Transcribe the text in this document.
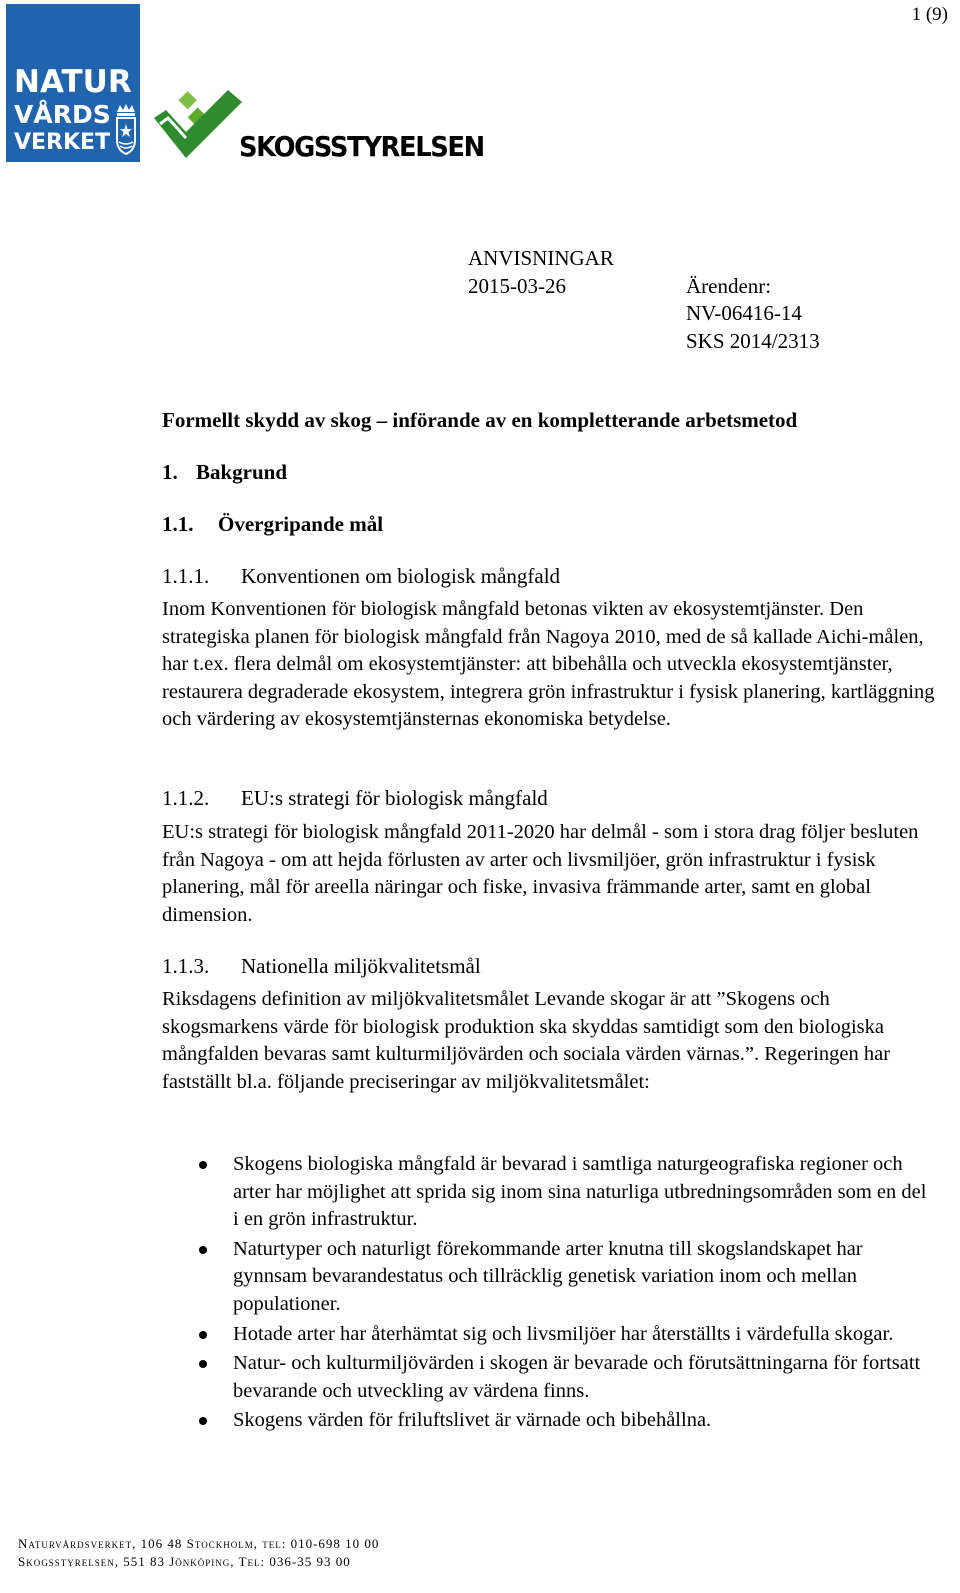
1 (9)
NATUR
VÅRDS
VERKET	SKOGSSTYRELSEN
ANVISNINGAR
2015-03-26	Ärendenr:
NV-06416-14
SKS 2014/2313
Formellt skydd av skog – införande av en kompletterande arbetsmetod
1. Bakgrund
1.1. Övergripande mål
1.1.1. Konventionen om biologisk mångfald
Inom Konventionen för biologisk mångfald betonas vikten av ekosystemtjänster. Den strategiska planen för biologisk mångfald från Nagoya 2010, med de så kallade Aichi-målen, har t.ex. flera delmål om ekosystemtjänster: att bibehålla och utveckla ekosystemtjänster, restaurera degraderade ekosystem, integrera grön infrastruktur i fysisk planering, kartläggning och värdering av ekosystemtjänsternas ekonomiska betydelse.
1.1.2. EU:s strategi för biologisk mångfald
EU:s strategi för biologisk mångfald 2011-2020 har delmål - som i stora drag följer besluten från Nagoya - om att hejda förlusten av arter och livsmiljöer, grön infrastruktur i fysisk planering, mål för areella näringar och fiske, invasiva främmande arter, samt en global dimension.
1.1.3. Nationella miljökvalitetsmål
Riksdagens definition av miljökvalitetsmålet Levande skogar är att ”Skogens och skogsmarkens värde för biologisk produktion ska skyddas samtidigt som den biologiska mångfalden bevaras samt kulturmiljövärden och sociala värden värnas.”. Regeringen har fastställt bl.a. följande preciseringar av miljökvalitetsmålet:
Skogens biologiska mångfald är bevarad i samtliga naturgeografiska regioner och arter har möjlighet att sprida sig inom sina naturliga utbredningsområden som en del i en grön infrastruktur.
Naturtyper och naturligt förekommande arter knutna till skogslandskapet har gynnsam bevarandestatus och tillräcklig genetisk variation inom och mellan populationer.
Hotade arter har återhämtat sig och livsmiljöer har återställts i värdefulla skogar.
Natur- och kulturmiljövärden i skogen är bevarade och förutsättningarna för fortsatt bevarande och utveckling av värdena finns.
Skogens värden för friluftslivet är värnade och bibehållna.
Naturvårdsverket, 106 48 Stockholm, tel: 010-698 10 00
Skogsstyrelsen, 551 83 Jönköping, Tel: 036-35 93 00
